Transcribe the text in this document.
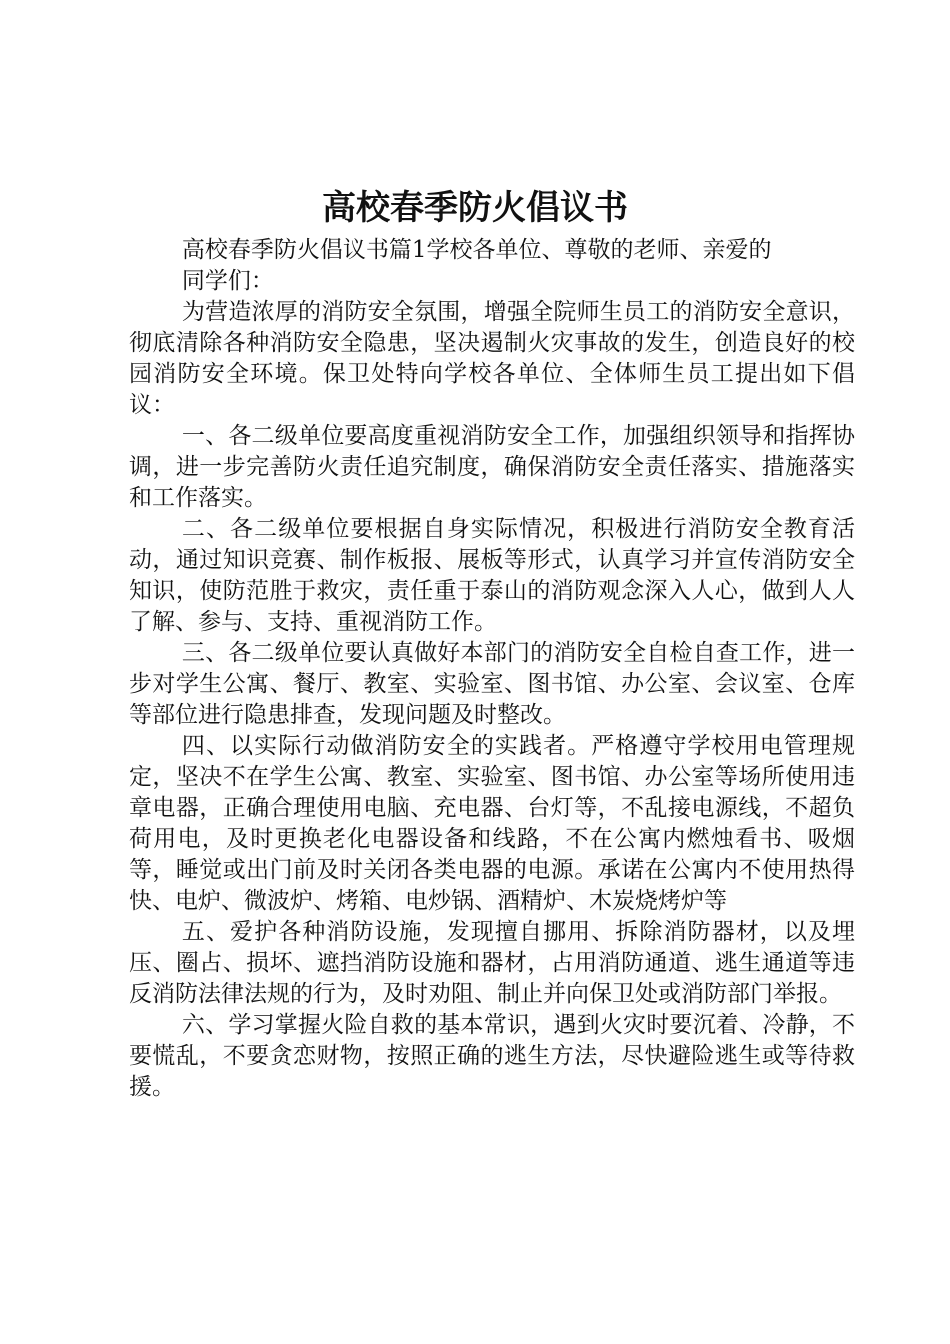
高校春季防火倡议书

高校春季防火倡议书篇1学校各单位、尊敬的老师、亲爱的

同学们：

为营造浓厚的消防安全氛围，增强全院师生员工的消防安全意识，彻底清除各种消防安全隐患，坚决遏制火灾事故的发生，创造良好的校园消防安全环境。保卫处特向学校各单位、全体师生员工提出如下倡议：

一、各二级单位要高度重视消防安全工作，加强组织领导和指挥协调，进一步完善防火责任追究制度，确保消防安全责任落实、措施落实和工作落实。

二、各二级单位要根据自身实际情况，积极进行消防安全教育活动，通过知识竞赛、制作板报、展板等形式，认真学习并宣传消防安全知识，使防范胜于救灾，责任重于泰山的消防观念深入人心，做到人人了解、参与、支持、重视消防工作。

三、各二级单位要认真做好本部门的消防安全自检自查工作，进一步对学生公寓、餐厅、教室、实验室、图书馆、办公室、会议室、仓库等部位进行隐患排查，发现问题及时整改。

四、以实际行动做消防安全的实践者。严格遵守学校用电管理规定，坚决不在学生公寓、教室、实验室、图书馆、办公室等场所使用违章电器，正确合理使用电脑、充电器、台灯等，不乱接电源线，不超负荷用电，及时更换老化电器设备和线路，不在公寓内燃烛看书、吸烟等，睡觉或出门前及时关闭各类电器的电源。承诺在公寓内不使用热得快、电炉、微波炉、烤箱、电炒锅、酒精炉、木炭烧烤炉等

五、爱护各种消防设施，发现擅自挪用、拆除消防器材，以及埋压、圈占、损坏、遮挡消防设施和器材，占用消防通道、逃生通道等违反消防法律法规的行为，及时劝阻、制止并向保卫处或消防部门举报。

六、学习掌握火险自救的基本常识，遇到火灾时要沉着、冷静，不要慌乱，不要贪恋财物，按照正确的逃生方法，尽快避险逃生或等待救援。
